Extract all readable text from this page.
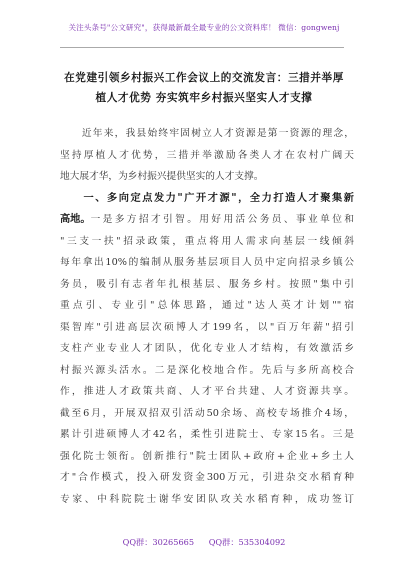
关注头条号"公文研究"，获得最新最全最专业的公文资料库！ 微信：gongwenj
在党建引领乡村振兴工作会议上的交流发言：三措并举厚
植人才优势 夯实筑牢乡村振兴坚实人才支撑
　　近年来，我县始终牢固树立人才资源是第一资源的理念，
坚持厚植人才优势，三措并举激励各类人才在农村广阔天
地大展才华，为乡村振兴提供坚实的人才支撑。
　　一、多向定点发力"广开才源"，全力打造人才聚集新
高地。 一是多方招才引智。用好用活公务员、事业单位和
"三支一扶"招录政策，重点将用人需求向基层一线倾斜
每年拿出10%的编制从服务基层项目人员中定向招录乡镇公
务员，吸引有志者年扎根基层、服务乡村。按照"集中引
重点引、专业引"总体思路，通过"达人英才计划""宿
渠智库"引进高层次硕博人才199名，以"百万年薪"招引
支柱产业专业人才团队，优化专业人才结构，有效激活乡
村振兴源头活水。二是深化校地合作。先后与多所高校合
作，推进人才政策共商、人才平台共建、人才资源共享。
截至6月，开展双招双引活动50余场、高校专场推介4场，
累计引进硕博人才42名，柔性引进院士、专家15名。三是
强化院士领衔。创新推行"院士团队+政府+企业+乡土人
才"合作模式，投入研发资金300万元，引进杂交水稻育种
专家、中科院院士谢华安团队攻关水稻育种，成功签订
QQ群：30265665 QQ群：535304092
